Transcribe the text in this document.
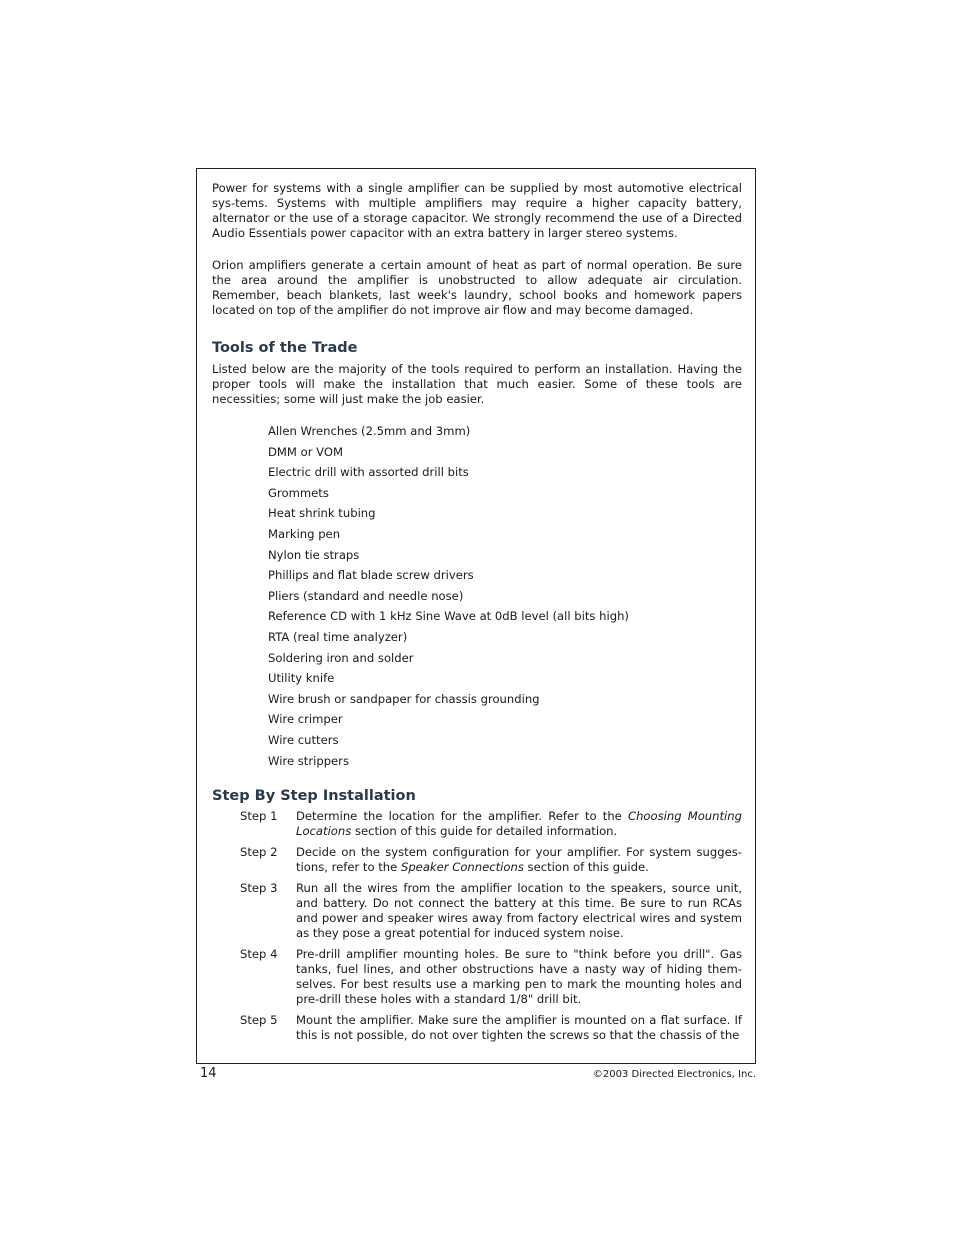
Power for systems with a single amplifier can be supplied by most automotive electrical sys-tems. Systems with multiple amplifiers may require a higher capacity battery, alternator or the use of a storage capacitor. We strongly recommend the use of a Directed Audio Essentials power capacitor with an extra battery in larger stereo systems.

Orion amplifiers generate a certain amount of heat as part of normal operation. Be sure the area around the amplifier is unobstructed to allow adequate air circulation. Remember, beach blankets, last week's laundry, school books and homework papers located on top of the amplifier do not improve air flow and may become damaged.

Tools of the Trade

Listed below are the majority of the tools required to perform an installation. Having the proper tools will make the installation that much easier. Some of these tools are necessities; some will just make the job easier.

Allen Wrenches (2.5mm and 3mm)
DMM or VOM
Electric drill with assorted drill bits
Grommets
Heat shrink tubing
Marking pen
Nylon tie straps
Phillips and flat blade screw drivers
Pliers (standard and needle nose)
Reference CD with 1 kHz Sine Wave at 0dB level (all bits high)
RTA (real time analyzer)
Soldering iron and solder
Utility knife
Wire brush or sandpaper for chassis grounding
Wire crimper
Wire cutters
Wire strippers
Step By Step Installation
Step 1	Determine the location for the amplifier. Refer to the Choosing Mounting Locations section of this guide for detailed information.
Step 2	Decide on the system configuration for your amplifier. For system sugges-tions, refer to the Speaker Connections section of this guide.
Step 3	Run all the wires from the amplifier location to the speakers, source unit, and battery. Do not connect the battery at this time. Be sure to run RCAs and power and speaker wires away from factory electrical wires and system as they pose a great potential for induced system noise.
Step 4	Pre-drill amplifier mounting holes. Be sure to "think before you drill". Gas tanks, fuel lines, and other obstructions have a nasty way of hiding them-selves. For best results use a marking pen to mark the mounting holes and pre-drill these holes with a standard 1/8" drill bit.
Step 5	Mount the amplifier. Make sure the amplifier is mounted on a flat surface. If this is not possible, do not over tighten the screws so that the chassis of the
14	©2003 Directed Electronics, Inc.
